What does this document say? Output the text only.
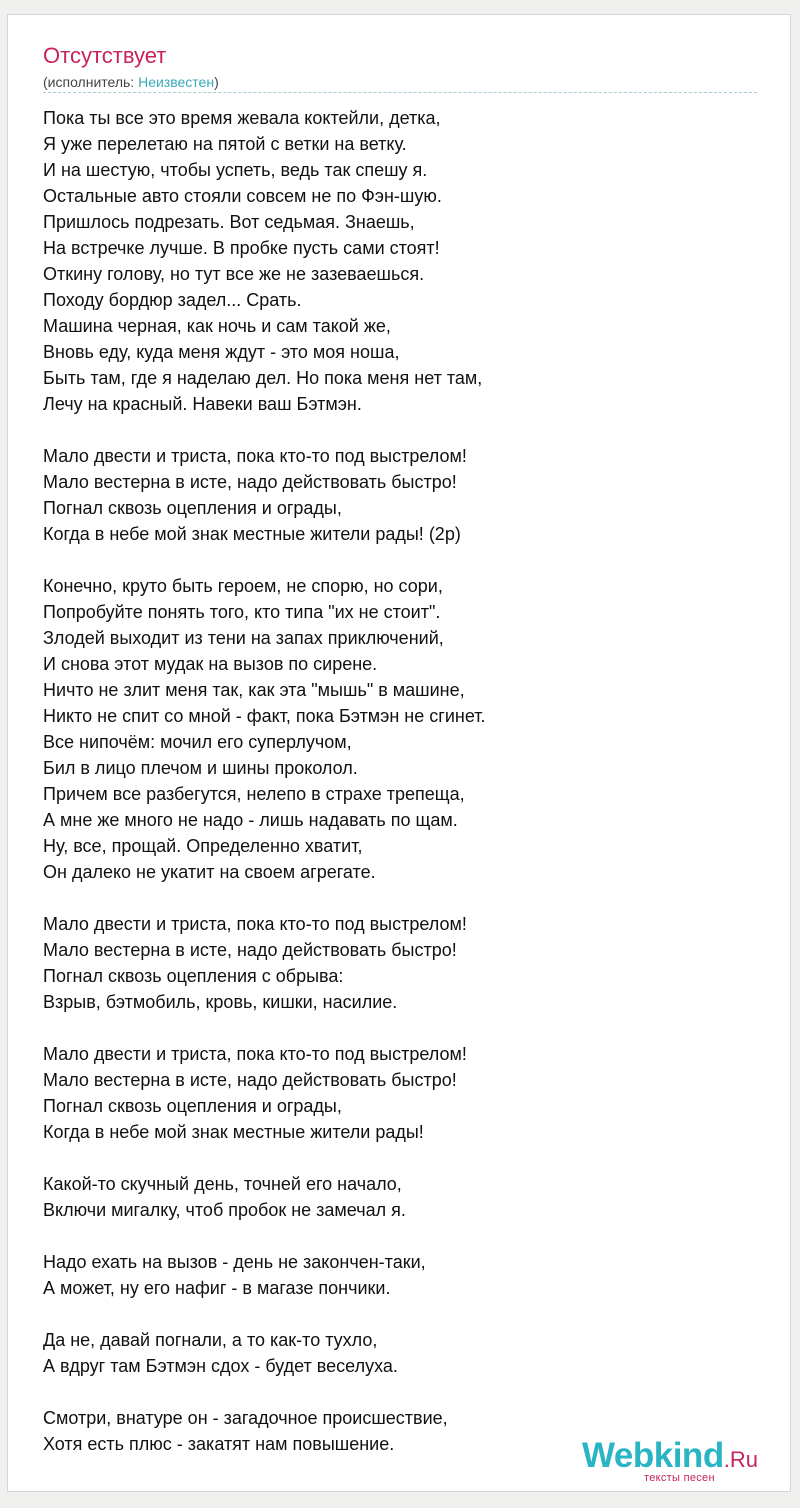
Отсутствует
(исполнитель: Неизвестен)
Пока ты все это время жевала коктейли, детка,
Я уже перелетаю на пятой с ветки на ветку.
И на шестую, чтобы успеть, ведь так спешу я.
Остальные авто стояли совсем не по Фэн-шую.
Пришлось подрезать. Вот седьмая. Знаешь,
На встречке лучше. В пробке пусть сами стоят!
Откину голову, но тут все же не зазеваешься.
Походу бордюр задел... Срать.
Машина черная, как ночь и сам такой же,
Вновь еду, куда меня ждут - это моя ноша,
Быть там, где я наделаю дел. Но пока меня нет там,
Лечу на красный. Навеки ваш Бэтмэн.
Мало двести и триста, пока кто-то под выстрелом!
Мало вестерна в исте, надо действовать быстро!
Погнал сквозь оцепления и ограды,
Когда в небе мой знак местные жители рады! (2р)
Конечно, круто быть героем, не спорю, но сори,
Попробуйте понять того, кто типа "их не стоит".
Злодей выходит из тени на запах приключений,
И снова этот мудак на вызов по сирене.
Ничто не злит меня так, как эта "мышь" в машине,
Никто не спит со мной - факт, пока Бэтмэн не сгинет.
Все нипочём: мочил его суперлучом,
Бил в лицо плечом и шины проколол.
Причем все разбегутся, нелепо в страхе трепеща,
А мне же много не надо - лишь надавать по щам.
Ну, все, прощай. Определенно хватит,
Он далеко не укатит на своем агрегате.
Мало двести и триста, пока кто-то под выстрелом!
Мало вестерна в исте, надо действовать быстро!
Погнал сквозь оцепления с обрыва:
Взрыв, бэтмобиль, кровь, кишки, насилие.
Мало двести и триста, пока кто-то под выстрелом!
Мало вестерна в исте, надо действовать быстро!
Погнал сквозь оцепления и ограды,
Когда в небе мой знак местные жители рады!
Какой-то скучный день, точней его начало,
Включи мигалку, чтоб пробок не замечал я.
Надо ехать на вызов - день не закончен-таки,
А может, ну его нафиг - в магазе пончики.
Да не, давай погнали, а то как-то тухло,
А вдруг там Бэтмэн сдох - будет веселуха.
Смотри, внатуре он - загадочное происшествие,
Хотя есть плюс - закатят нам повышение.	Webkind.Ru
тексты песен
